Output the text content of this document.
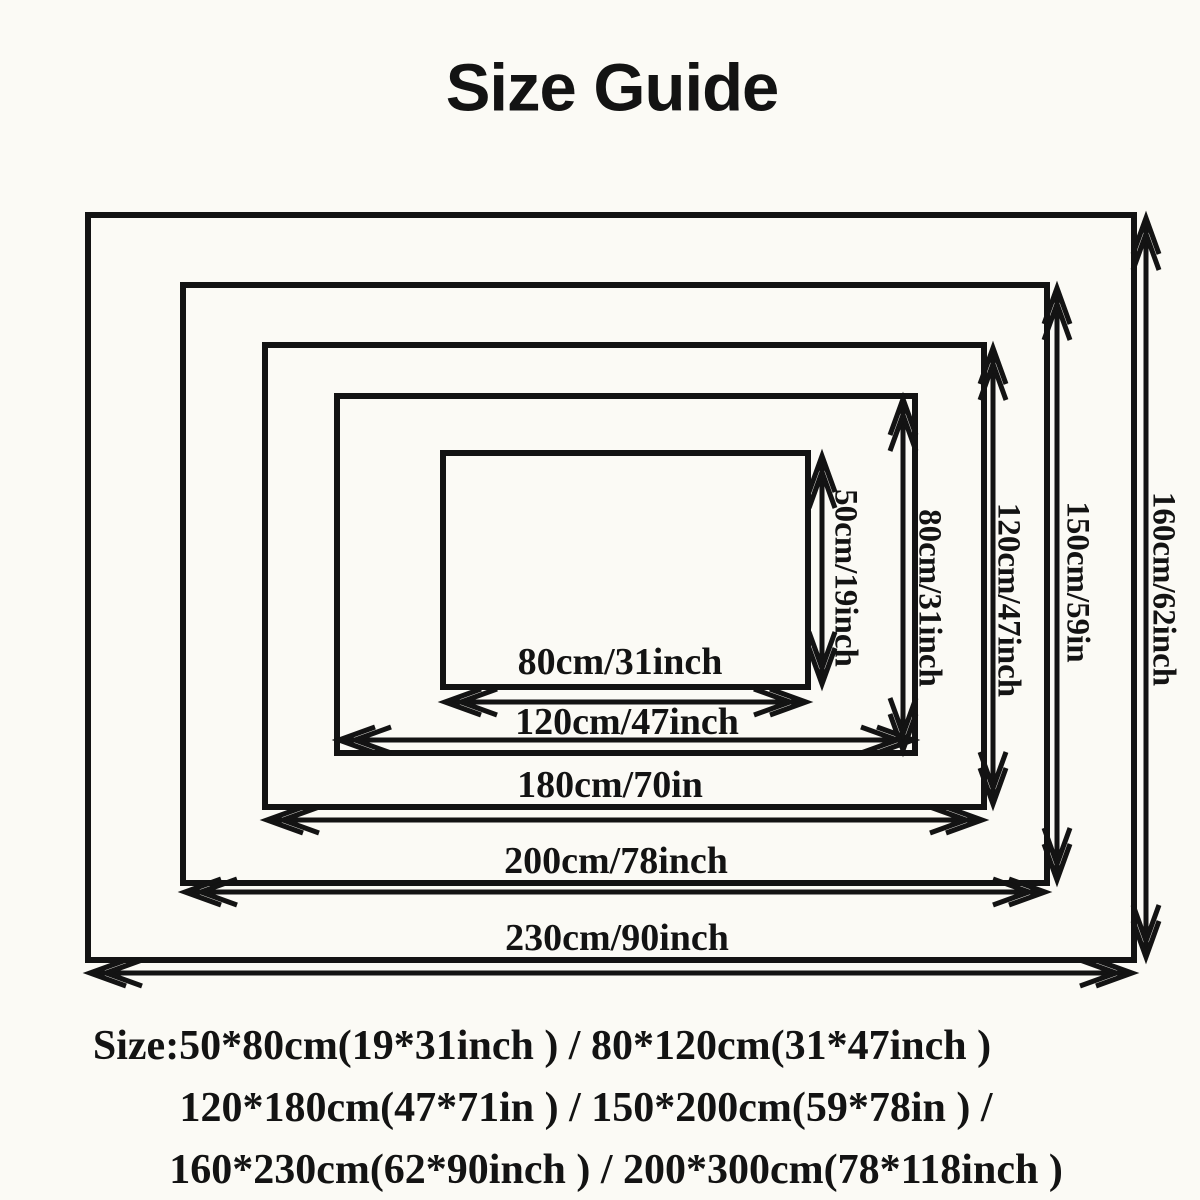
Size Guide
230cm/90inch
160cm/62inch
200cm/78inch
150cm/59in
180cm/70in
120cm/47inch
120cm/47inch
80cm/31inch
80cm/31inch	50cm/19inch
Size:50*80cm(19*31inch ) / 80*120cm(31*47inch )
120*180cm(47*71in ) / 150*200cm(59*78in ) /
160*230cm(62*90inch ) / 200*300cm(78*118inch )
